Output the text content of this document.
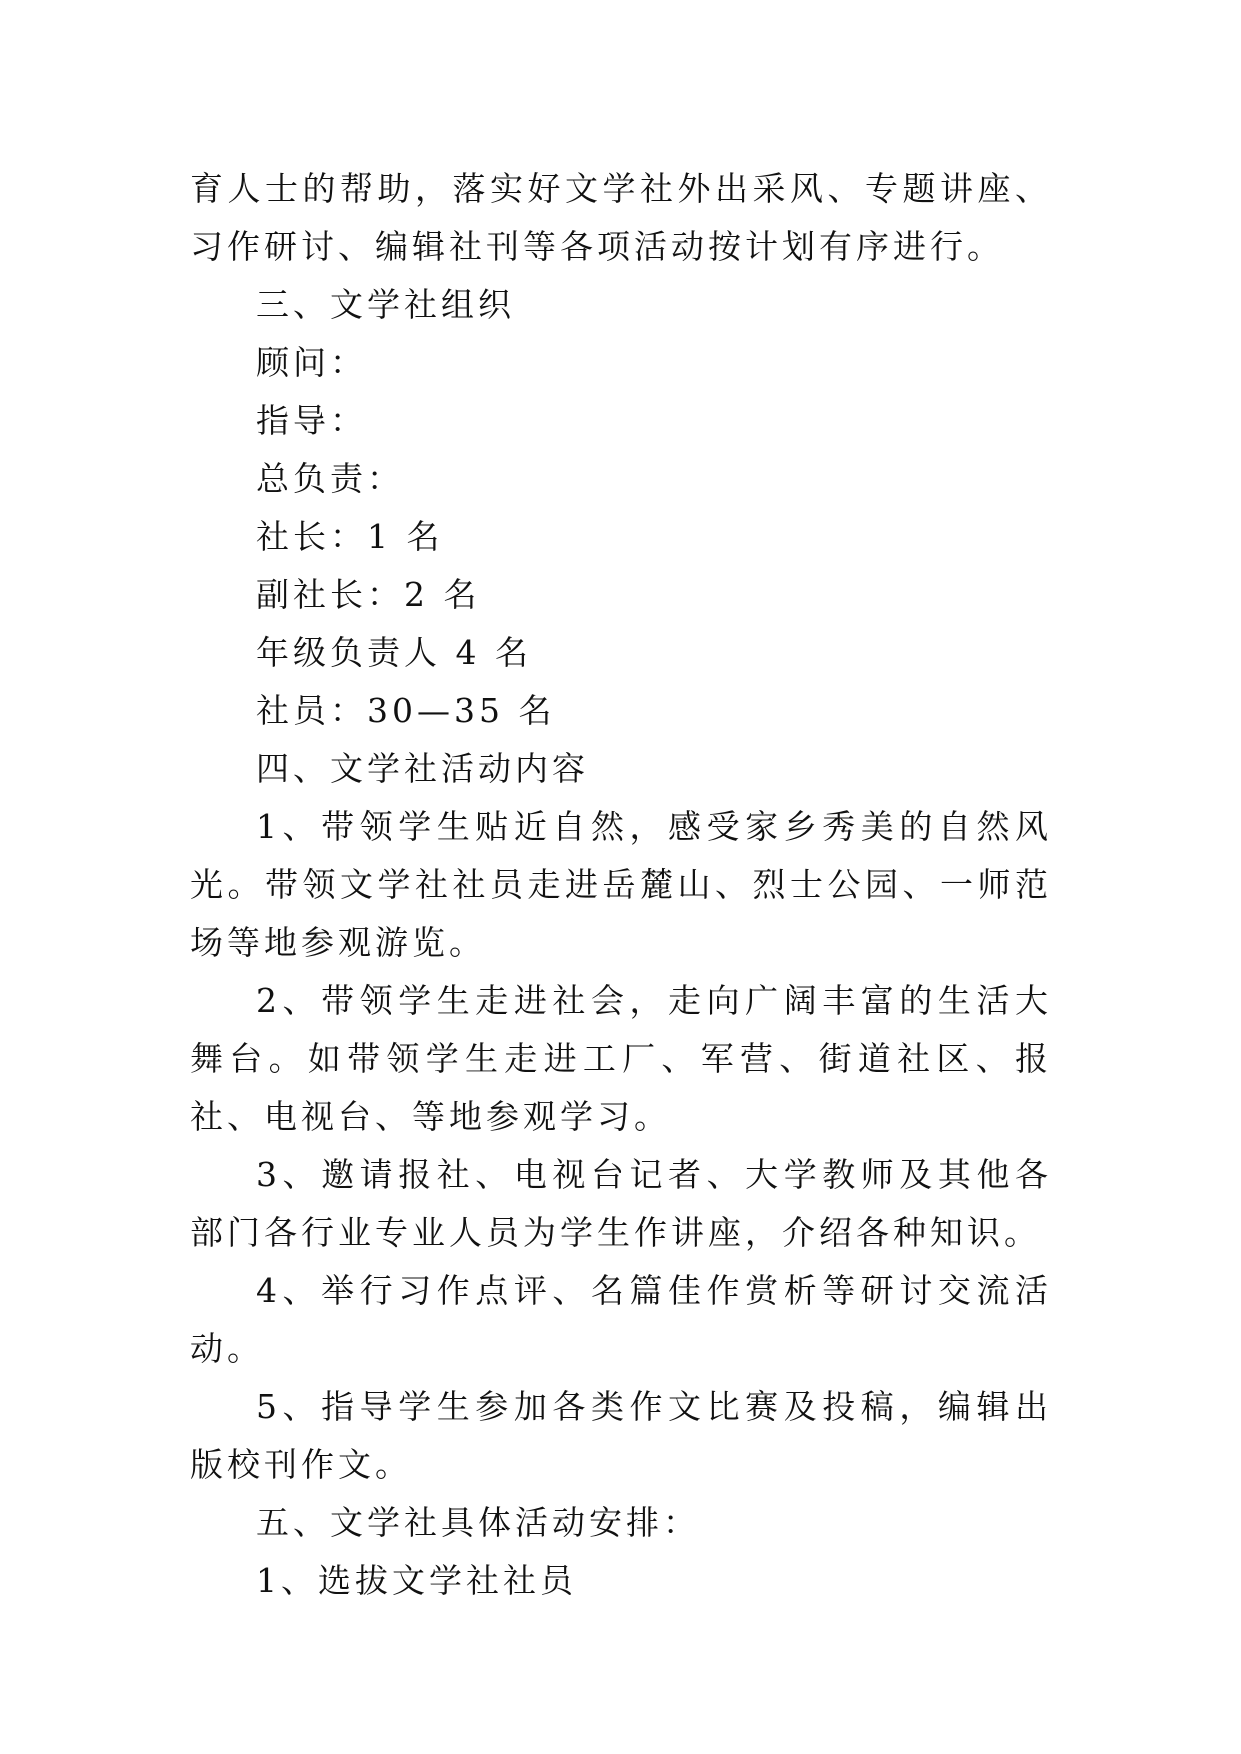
育人士的帮助，落实好文学社外出采风、专题讲座、习作研讨、编辑社刊等各项活动按计划有序进行。

三、文学社组织

顾问：

指导：

总负责：

社长：1 名

副社长：2 名

年级负责人 4 名

社员：30—35 名

四、文学社活动内容

1、带领学生贴近自然，感受家乡秀美的自然风光。带领文学社社员走进岳麓山、烈士公园、一师范场等地参观游览。

2、带领学生走进社会，走向广阔丰富的生活大舞台。如带领学生走进工厂、军营、街道社区、报社、电视台、等地参观学习。

3、邀请报社、电视台记者、大学教师及其他各部门各行业专业人员为学生作讲座，介绍各种知识。

4、举行习作点评、名篇佳作赏析等研讨交流活动。

5、指导学生参加各类作文比赛及投稿，编辑出版校刊作文。

五、文学社具体活动安排：

1、选拔文学社社员
